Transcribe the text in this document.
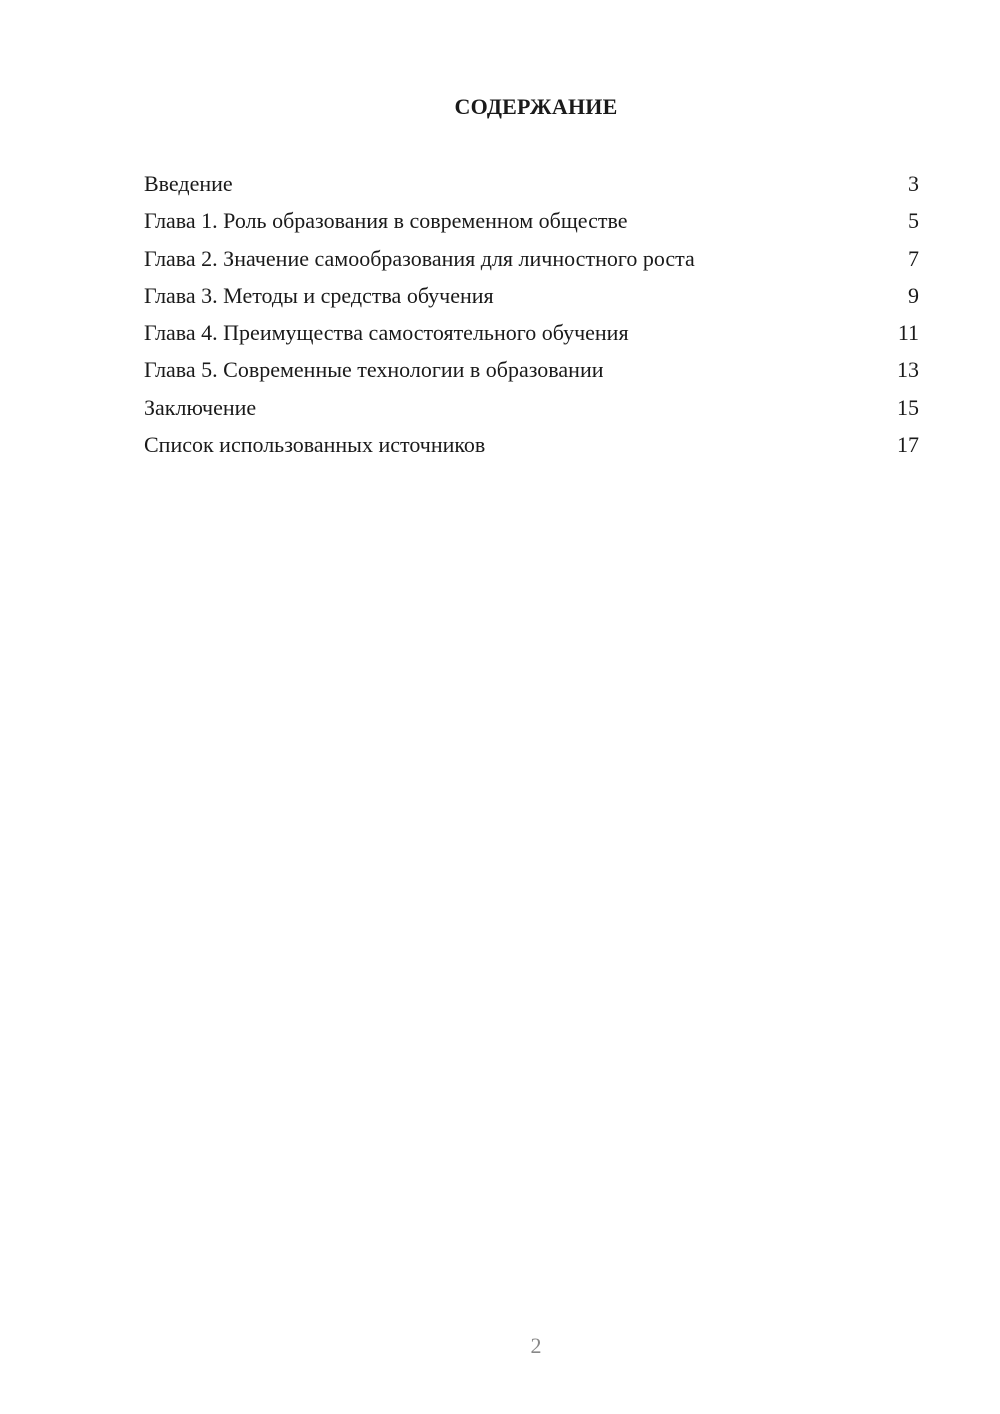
СОДЕРЖАНИЕ
Введение	3
Глава 1. Роль образования в современном обществе	5
Глава 2. Значение самообразования для личностного роста	7
Глава 3. Методы и средства обучения	9
Глава 4. Преимущества самостоятельного обучения	11
Глава 5. Современные технологии в образовании	13
Заключение	15
Список использованных источников	17
2
